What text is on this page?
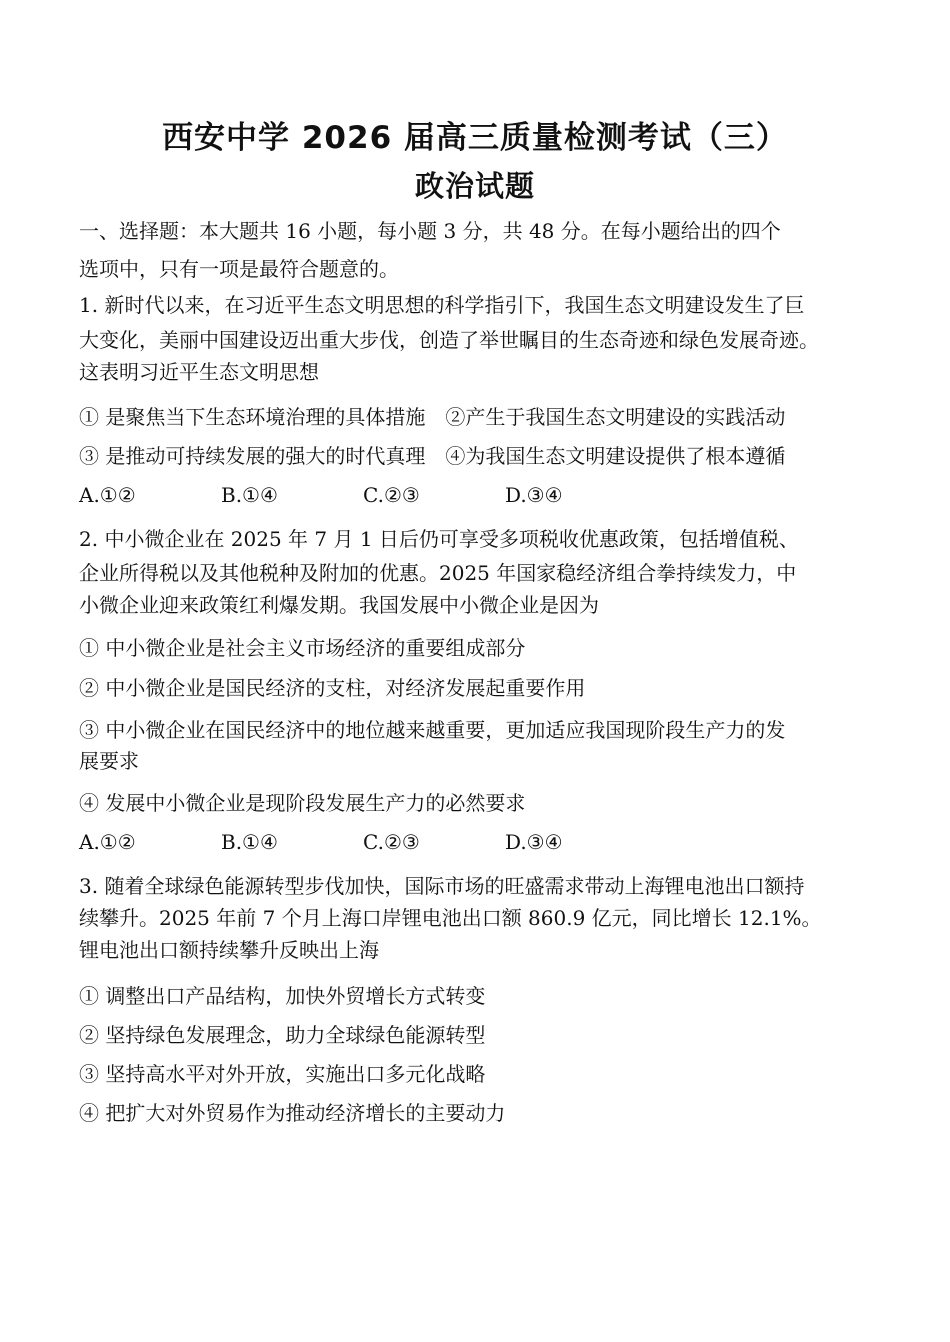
西安中学 2026 届高三质量检测考试（三）
政治试题
一、选择题：本大题共 16 小题，每小题 3 分，共 48 分。在每小题给出的四个
选项中，只有一项是最符合题意的。
1. 新时代以来，在习近平生态文明思想的科学指引下，我国生态文明建设发生了巨
大变化，美丽中国建设迈出重大步伐，创造了举世瞩目的生态奇迹和绿色发展奇迹。
这表明习近平生态文明思想
① 是聚焦当下生态环境治理的具体措施　②产生于我国生态文明建设的实践活动
③ 是推动可持续发展的强大的时代真理　④为我国生态文明建设提供了根本遵循
A.①②	B.①④	C.②③	D.③④
2. 中小微企业在 2025 年 7 月 1 日后仍可享受多项税收优惠政策，包括增值税、
企业所得税以及其他税种及附加的优惠。2025 年国家稳经济组合拳持续发力，中
小微企业迎来政策红利爆发期。我国发展中小微企业是因为
① 中小微企业是社会主义市场经济的重要组成部分
② 中小微企业是国民经济的支柱，对经济发展起重要作用
③ 中小微企业在国民经济中的地位越来越重要，更加适应我国现阶段生产力的发
展要求
④ 发展中小微企业是现阶段发展生产力的必然要求
A.①②	B.①④	C.②③	D.③④
3. 随着全球绿色能源转型步伐加快，国际市场的旺盛需求带动上海锂电池出口额持
续攀升。2025 年前 7 个月上海口岸锂电池出口额 860.9 亿元，同比增长 12.1%。
锂电池出口额持续攀升反映出上海
① 调整出口产品结构，加快外贸增长方式转变
② 坚持绿色发展理念，助力全球绿色能源转型
③ 坚持高水平对外开放，实施出口多元化战略
④ 把扩大对外贸易作为推动经济增长的主要动力
